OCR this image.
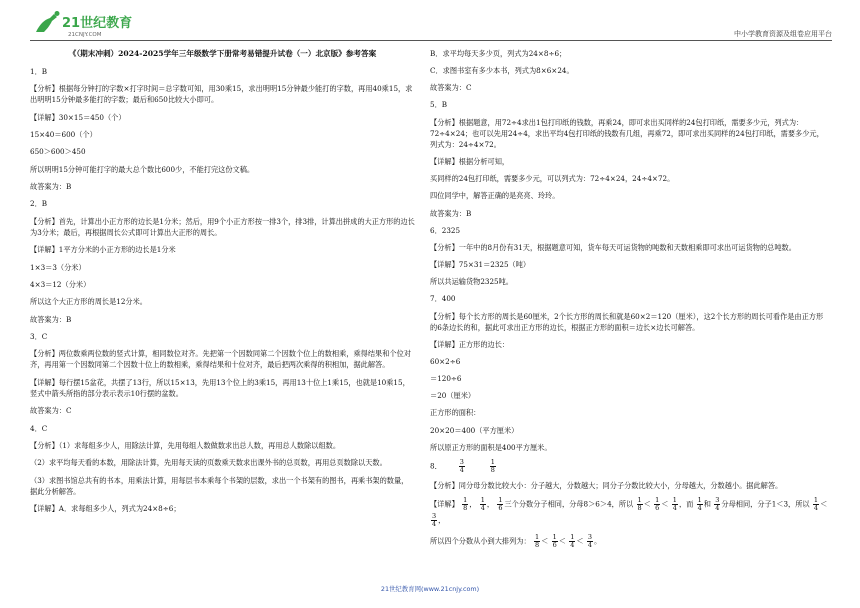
21世纪教育
21CNJY.COM	中小学教育资源及组卷应用平台
《（期末冲刺）2024-2025学年三年级数学下册常考易错提升试卷（一）北京版》参考答案
1．B
【分析】根据每分钟打的字数×打字时间＝总字数可知，用30乘15，求出明明15分钟最少能打的字数，再用40乘15，求出明明15分钟最多能打的字数；最后和650比较大小即可。
【详解】30×15＝450（个）
15×40＝600（个）
650＞600＞450
所以明明15分钟可能打字的最大总个数比600少，不能打完这份文稿。
故答案为：B
2．B
【分析】首先，计算出小正方形的边长是1分米；然后，用9个小正方形按一排3个，排3排，计算出拼成的大正方形的边长为3分米；最后，再根据周长公式即可计算出大正形的周长。
【详解】1平方分米的小正方形的边长是1分米
1×3＝3（分米）
4×3＝12（分米）
所以这个大正方形的周长是12分米。
故答案为：B
3．C
【分析】两位数乘两位数的竖式计算，相同数位对齐。先把第一个因数同第二个因数个位上的数相乘，乘得结果和个位对齐，再用第一个因数同第二个因数十位上的数相乘，乘得结果和十位对齐，最后把两次乘得的积相加，据此解答。
【详解】每行摆15盆花，共摆了13行，所以15×13，先用13个位上的3乘15，再用13十位上1乘15，也就是10乘15，竖式中箭头所指的部分表示表示10行摆的盆数。
故答案为：C
4．C
【分析】（1）求每组多少人，用除法计算，先用每组人数做数求出总人数，再用总人数除以组数。
（2）求平均每天看的本数，用除法计算，先用每天读的页数乘天数求出课外书的总页数，再用总页数除以天数。
（3）求图书馆总共有的书本，用乘法计算，用每层书本乘每个书架的层数，求出一个书架有的图书，再乘书架的数量，据此分析解答。
【详解】A．求每组多少人，列式为24×8÷6；
B．求平均每天多少页，列式为24×8÷6；
C．求图书室有多少本书，列式为8×6×24。
故答案为：C
5．B
【分析】根据题意，用72÷4求出1包打印纸的钱数，再乘24，即可求出买同样的24包打印纸，需要多少元，列式为：72÷4×24；也可以先用24÷4，求出平均4包打印纸的钱数有几组，再乘72，即可求出买同样的24包打印纸，需要多少元，列式为：24÷4×72。
【详解】根据分析可知，
买同样的24包打印纸，需要多少元，可以列式为：72÷4×24，24÷4×72。
四位同学中，解答正确的是亮亮、玲玲。
故答案为：B
6．2325
【分析】一年中的8月份有31天，根据题意可知，货车每天可运货物的吨数和天数相乘即可求出可运货物的总吨数。
【详解】75×31＝2325（吨）
所以共运输货物2325吨。
7．400
【分析】每个长方形的周长是60厘米，2个长方形的周长和就是60×2＝120（厘米），这2个长方形的周长可看作是由正方形的6条边长的和，据此可求出正方形的边长，根据正方形的面积＝边长×边长可解答。
【详解】正方形的边长：
60×2÷6
＝120÷6
＝20（厘米）
正方形的面积：
20×20＝400（平方厘米）
所以原正方形的面积是400平方厘米。
8．	$\frac{3}{4}$
	$\frac{1}{8}$
【分析】同分母分数比较大小：分子越大，分数越大；同分子分数比较大小，分母越大，分数越小。据此解答。
【详解】 $\frac{1}{8}$ ， $\frac{1}{4}$ ， $\frac{1}{6}$ 三个分数分子相同，分母8＞6＞4，所以 $\frac{1}{8} < \frac{1}{6} < \frac{1}{4}$ ，而 $\frac{1}{4}$ 和 $\frac{3}{4}$ 分母相同，分子1＜3，所以 $\frac{1}{4}$ ＜
$\frac{3}{4}$ ，
所以四个分数从小到大排列为： $\frac{1}{8} < \frac{1}{6} < \frac{1}{4} < \frac{3}{4}$ 。
21世纪教育网(www.21cnjy.com)
